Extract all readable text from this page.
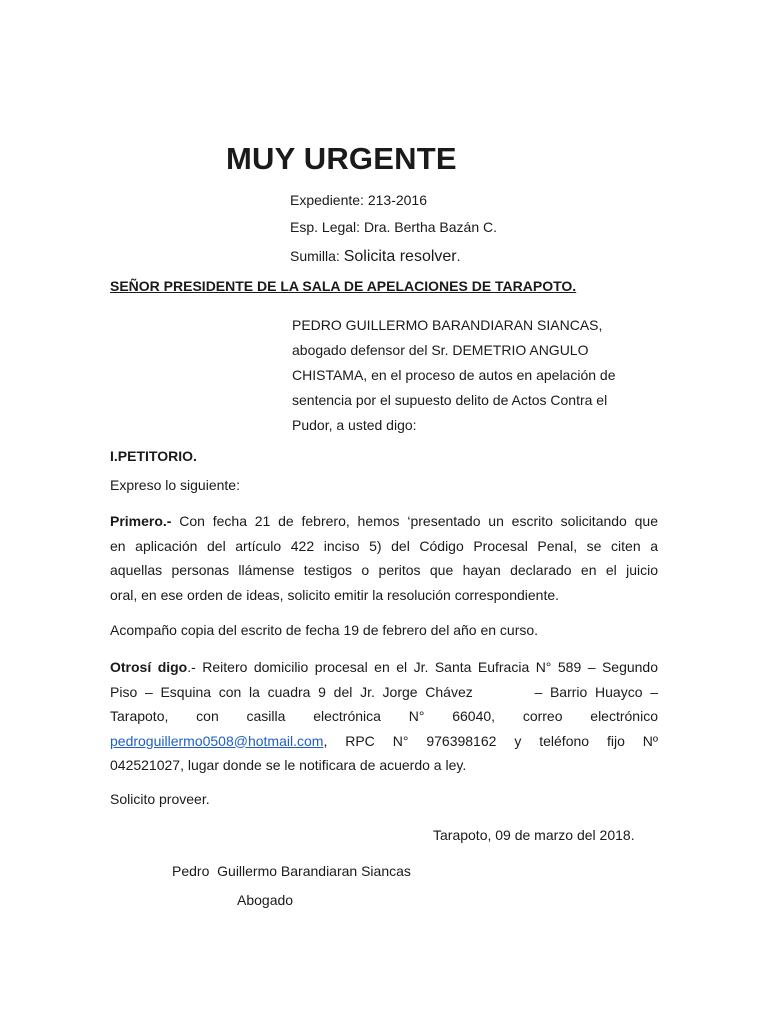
MUY URGENTE
Expediente: 213-2016
Esp. Legal: Dra. Bertha Bazán C.
Sumilla: Solicita resolver.
SEÑOR PRESIDENTE DE LA SALA DE APELACIONES DE TARAPOTO.
PEDRO GUILLERMO BARANDIARAN SIANCAS,
abogado defensor del Sr. DEMETRIO ANGULO
CHISTAMA, en el proceso de autos en apelación de
sentencia por el supuesto delito de Actos Contra el
Pudor, a usted digo:
I.PETITORIO.
Expreso lo siguiente:
Primero.- Con fecha 21 de febrero, hemos ‘presentado un escrito solicitando que
en aplicación del artículo 422 inciso 5) del Código Procesal Penal, se citen a
aquellas personas llámense testigos o peritos que hayan declarado en el juicio
oral, en ese orden de ideas, solicito emitir la resolución correspondiente.
Acompaño copia del escrito de fecha 19 de febrero del año en curso.
Otrosí digo.- Reitero domicilio procesal en el Jr. Santa Eufracia N° 589 – Segundo
Piso – Esquina con la cuadra 9 del Jr. Jorge Chávez        – Barrio Huayco –
Tarapoto, con casilla electrónica N° 66040, correo electrónico
pedroguillermo0508@hotmail.com, RPC N° 976398162 y teléfono fijo Nº
042521027, lugar donde se le notificara de acuerdo a ley.
Solicito proveer.
Tarapoto, 09 de marzo del 2018.
Pedro  Guillermo Barandiaran Siancas
Abogado
